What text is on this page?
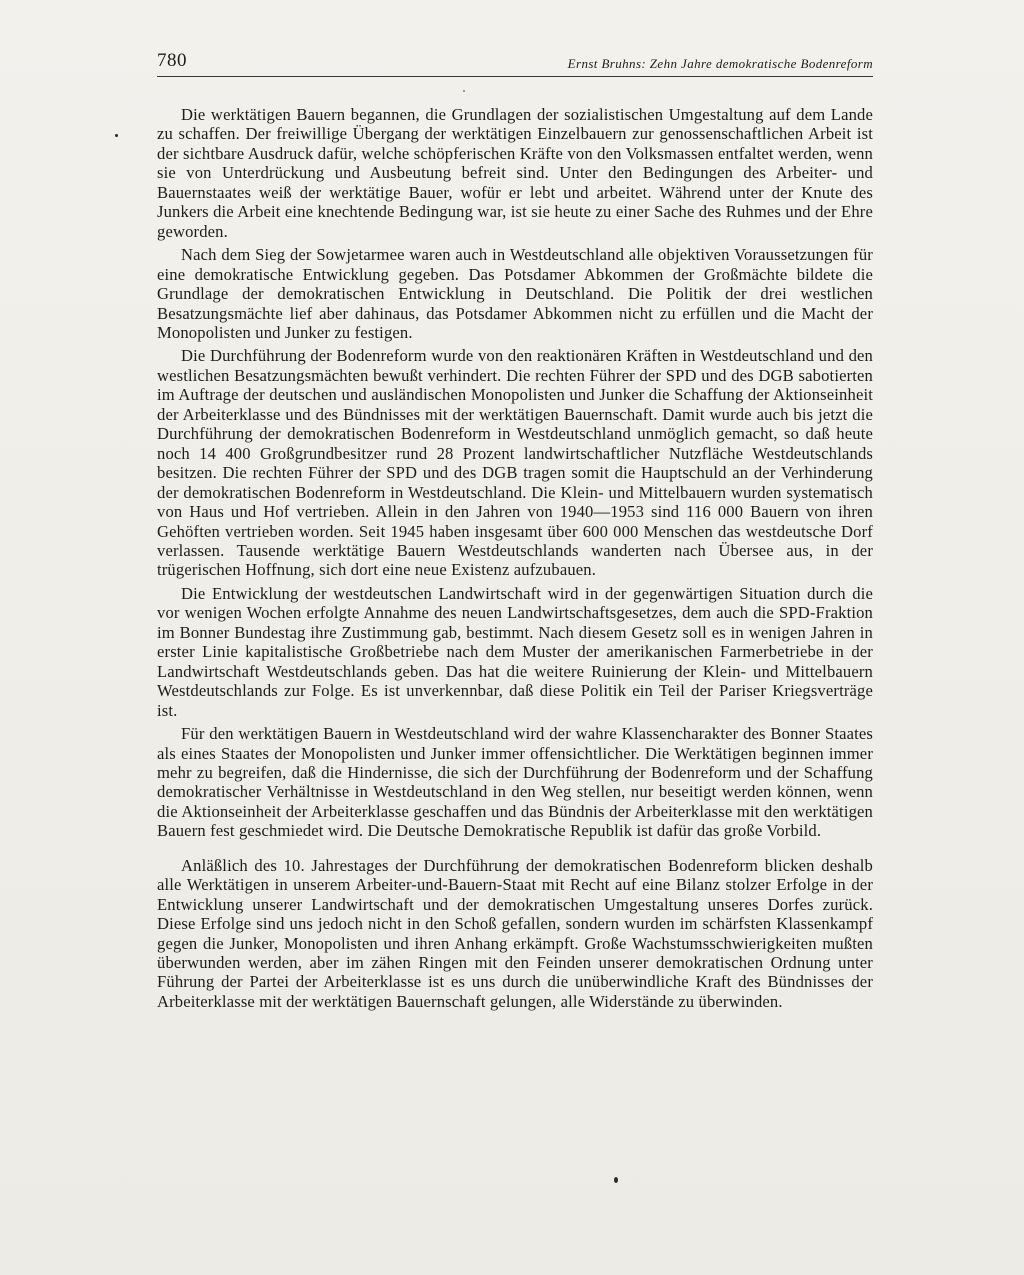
780	Ernst Bruhns: Zehn Jahre demokratische Bodenreform

Die werktätigen Bauern begannen, die Grundlagen der sozialistischen Umgestaltung auf dem Lande zu schaffen. Der freiwillige Übergang der werktätigen Einzelbauern zur genossenschaftlichen Arbeit ist der sichtbare Ausdruck dafür, welche schöpferischen Kräfte von den Volksmassen entfaltet werden, wenn sie von Unterdrückung und Ausbeutung befreit sind. Unter den Bedingungen des Arbeiter- und Bauernstaates weiß der werktätige Bauer, wofür er lebt und arbeitet. Während unter der Knute des Junkers die Arbeit eine knechtende Bedingung war, ist sie heute zu einer Sache des Ruhmes und der Ehre geworden.

Nach dem Sieg der Sowjetarmee waren auch in Westdeutschland alle objektiven Voraussetzungen für eine demokratische Entwicklung gegeben. Das Potsdamer Abkommen der Großmächte bildete die Grundlage der demokratischen Entwicklung in Deutschland. Die Politik der drei westlichen Besatzungsmächte lief aber dahinaus, das Potsdamer Abkommen nicht zu erfüllen und die Macht der Monopolisten und Junker zu festigen.

Die Durchführung der Bodenreform wurde von den reaktionären Kräften in Westdeutschland und den westlichen Besatzungsmächten bewußt verhindert. Die rechten Führer der SPD und des DGB sabotierten im Auftrage der deutschen und ausländischen Monopolisten und Junker die Schaffung der Aktionseinheit der Arbeiterklasse und des Bündnisses mit der werktätigen Bauernschaft. Damit wurde auch bis jetzt die Durchführung der demokratischen Bodenreform in Westdeutschland unmöglich gemacht, so daß heute noch 14 400 Großgrundbesitzer rund 28 Prozent landwirtschaftlicher Nutzfläche Westdeutschlands besitzen. Die rechten Führer der SPD und des DGB tragen somit die Hauptschuld an der Verhinderung der demokratischen Bodenreform in Westdeutschland. Die Klein- und Mittelbauern wurden systematisch von Haus und Hof vertrieben. Allein in den Jahren von 1940—1953 sind 116 000 Bauern von ihren Gehöften vertrieben worden. Seit 1945 haben insgesamt über 600 000 Menschen das westdeutsche Dorf verlassen. Tausende werktätige Bauern Westdeutschlands wanderten nach Übersee aus, in der trügerischen Hoffnung, sich dort eine neue Existenz aufzubauen.

Die Entwicklung der westdeutschen Landwirtschaft wird in der gegenwärtigen Situation durch die vor wenigen Wochen erfolgte Annahme des neuen Landwirtschaftsgesetzes, dem auch die SPD-Fraktion im Bonner Bundestag ihre Zustimmung gab, bestimmt. Nach diesem Gesetz soll es in wenigen Jahren in erster Linie kapitalistische Großbetriebe nach dem Muster der amerikanischen Farmerbetriebe in der Landwirtschaft Westdeutschlands geben. Das hat die weitere Ruinierung der Klein- und Mittelbauern Westdeutschlands zur Folge. Es ist unverkennbar, daß diese Politik ein Teil der Pariser Kriegsverträge ist.

Für den werktätigen Bauern in Westdeutschland wird der wahre Klassencharakter des Bonner Staates als eines Staates der Monopolisten und Junker immer offensichtlicher. Die Werktätigen beginnen immer mehr zu begreifen, daß die Hindernisse, die sich der Durchführung der Bodenreform und der Schaffung demokratischer Verhältnisse in Westdeutschland in den Weg stellen, nur beseitigt werden können, wenn die Aktionseinheit der Arbeiterklasse geschaffen und das Bündnis der Arbeiterklasse mit den werktätigen Bauern fest geschmiedet wird. Die Deutsche Demokratische Republik ist dafür das große Vorbild.

Anläßlich des 10. Jahrestages der Durchführung der demokratischen Bodenreform blicken deshalb alle Werktätigen in unserem Arbeiter-und-Bauern-Staat mit Recht auf eine Bilanz stolzer Erfolge in der Entwicklung unserer Landwirtschaft und der demokratischen Umgestaltung unseres Dorfes zurück. Diese Erfolge sind uns jedoch nicht in den Schoß gefallen, sondern wurden im schärfsten Klassenkampf gegen die Junker, Monopolisten und ihren Anhang erkämpft. Große Wachstumsschwierigkeiten mußten überwunden werden, aber im zähen Ringen mit den Feinden unserer demokratischen Ordnung unter Führung der Partei der Arbeiterklasse ist es uns durch die unüberwindliche Kraft des Bündnisses der Arbeiterklasse mit der werktätigen Bauernschaft gelungen, alle Widerstände zu überwinden.
